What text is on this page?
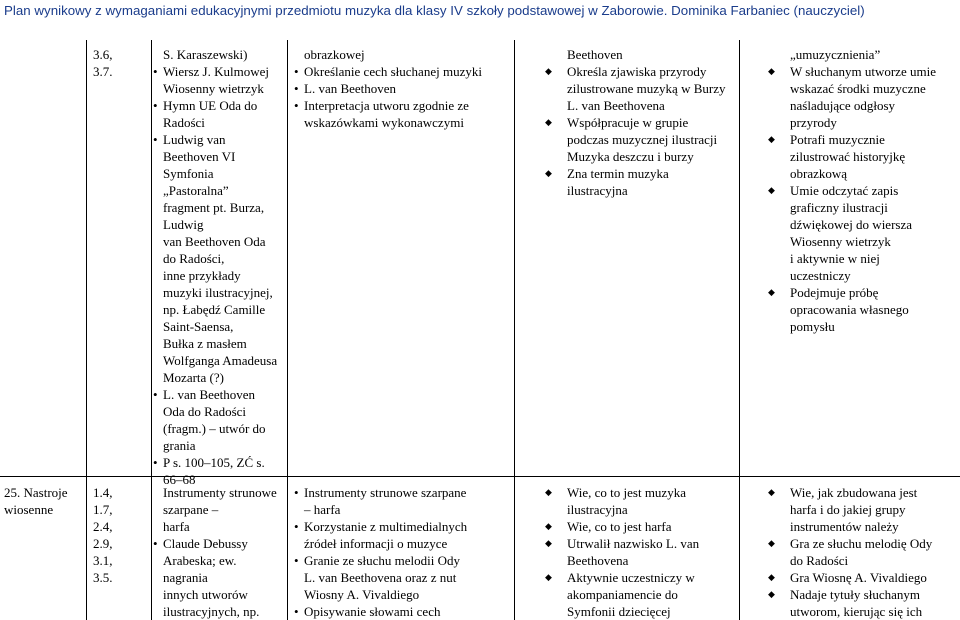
Plan wynikowy z wymaganiami edukacyjnymi przedmiotu muzyka dla klasy IV szkoły podstawowej w Zaborowie. Dominika Farbaniec (nauczyciel)
3.6,
3.7.
S. Karaszewski)
• Wiersz J. Kulmowej
Wiosenny wietrzyk
• Hymn UE Oda do
Radości
• Ludwig van
Beethoven VI
Symfonia
„Pastoralna”
fragment pt. Burza,
Ludwig
van Beethoven Oda
do Radości,
inne przykłady
muzyki ilustracyjnej,
np. Łabędź Camille
Saint-Saensa,
Bułka z masłem
Wolfganga Amadeusa
Mozarta (?)
• L. van Beethoven
Oda do Radości
(fragm.) – utwór do
grania
• P s. 100–105, ZĆ s.
66–68
obrazkowej
• Określanie cech słuchanej muzyki
• L. van Beethoven
• Interpretacja utworu zgodnie ze
wskazówkami wykonawczymi
Beethoven
◆ Określa zjawiska przyrody
zilustrowane muzyką w Burzy
L. van Beethovena
◆ Współpracuje w grupie
podczas muzycznej ilustracji
Muzyka deszczu i burzy
◆ Zna termin muzyka
ilustracyjna
„umuzycznienia”
◆ W słuchanym utworze umie
wskazać środki muzyczne
naśladujące odgłosy
przyrody
◆ Potrafi muzycznie
zilustrować historyjkę
obrazkową
◆ Umie odczytać zapis
graficzny ilustracji
dźwiękowej do wiersza
Wiosenny wietrzyk
i aktywnie w niej
uczestniczy
◆ Podejmuje próbę
opracowania własnego
pomysłu
25. Nastroje wiosenne
1.4,
1.7,
2.4,
2.9,
3.1,
3.5.
Instrumenty strunowe
szarpane –
harfa
• Claude Debussy
Arabeska; ew.
nagrania
innych utworów
ilustracyjnych, np.
• Instrumenty strunowe szarpane
– harfa
• Korzystanie z multimedialnych
źródeł informacji o muzyce
• Granie ze słuchu melodii Ody
L. van Beethovena oraz z nut
Wiosny A. Vivaldiego
• Opisywanie słowami cech
◆ Wie, co to jest muzyka
ilustracyjna
◆ Wie, co to jest harfa
◆ Utrwalił nazwisko L. van
Beethovena
◆ Aktywnie uczestniczy w
akompaniamencie do
Symfonii dziecięcej
◆ Wie, jak zbudowana jest
harfa i do jakiej grupy
instrumentów należy
◆ Gra ze słuchu melodię Ody
do Radości
◆ Gra Wiosnę A. Vivaldiego
◆ Nadaje tytuły słuchanym
utworom, kierując się ich
